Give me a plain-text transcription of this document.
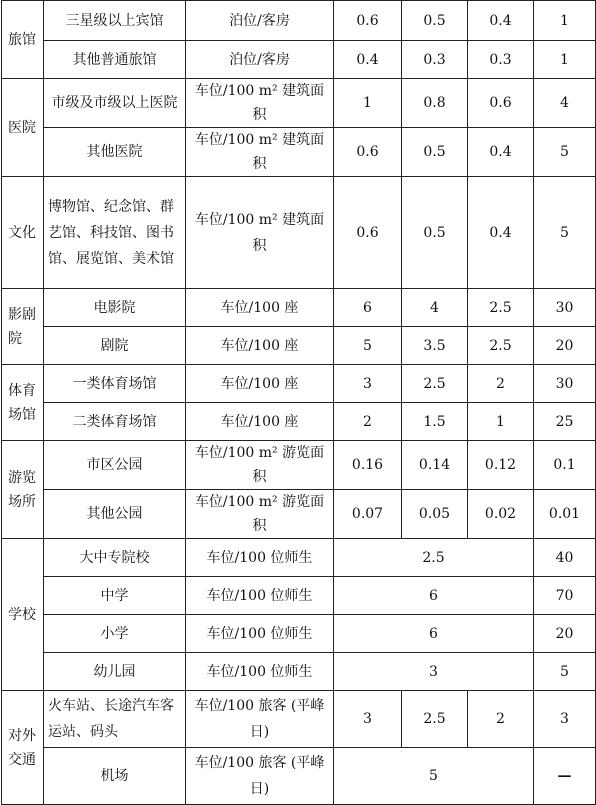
旅馆	三星级以上宾馆	泊位/客房	0.6	0.5	0.4	1
	其他普通旅馆	泊位/客房	0.4	0.3	0.3	1
医院	市级及市级以上医院	车位/100 m² 建筑面积	1	0.8	0.6	4
	其他医院	车位/100 m² 建筑面积	0.6	0.5	0.4	5
文化	博物馆、纪念馆、群艺馆、科技馆、图书馆、展览馆、美术馆	车位/100 m² 建筑面积	0.6	0.5	0.4	5
影剧院	电影院	车位/100 座	6	4	2.5	30
	剧院	车位/100 座	5	3.5	2.5	20
体育场馆	一类体育场馆	车位/100 座	3	2.5	2	30
	二类体育场馆	车位/100 座	2	1.5	1	25
游览场所	市区公园	车位/100 m² 游览面积	0.16	0.14	0.12	0.1
	其他公园	车位/100 m² 游览面积	0.07	0.05	0.02	0.01
学校	大中专院校	车位/100 位师生	2.5			40
	中学	车位/100 位师生	6			70
	小学	车位/100 位师生	6			20
	幼儿园	车位/100 位师生	3			5
对外交通	火车站、长途汽车客运站、码头	车位/100 旅客 (平峰日)	3	2.5	2	3
	机场	车位/100 旅客 (平峰日)	5			—
